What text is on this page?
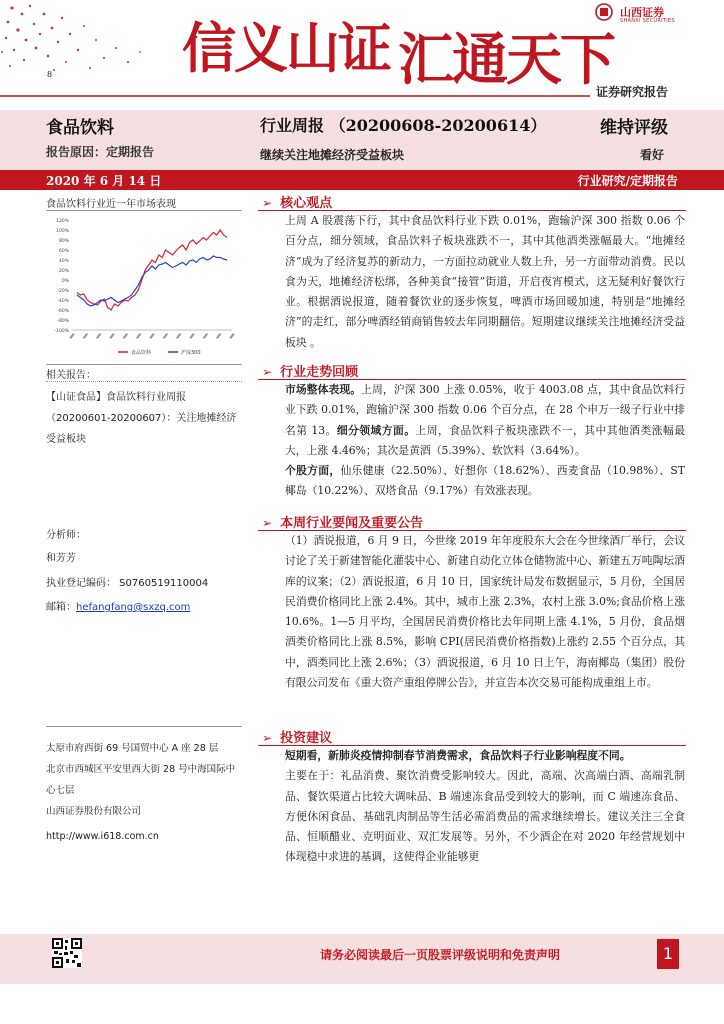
信义山证 汇通天下
8
山西证券
SHANXI SECURITIES
证券研究报告
食品饮料
报告原因：定期报告
行业周报 （20200608-20200614）
继续关注地摊经济受益板块
维持评级
看好
2020 年 6 月 14 日	行业研究/定期报告
食品饮料行业近一年市场表现
120%
100%
80%
60%
40%
20%
0%
-20%
-40%
-60%
-80%
-100%
食品饮料	沪深300
相关报告：
【山证食品】食品饮料行业周报（20200601-20200607）：关注地摊经济受益板块
分析师：
和芳芳
执业登记编码： S0760519110004
邮箱：hefangfang@sxzq.com
太原市府西街 69 号国贸中心 A 座 28 层
北京市西城区平安里西大街 28 号中海国际中心七层
山西证券股份有限公司
http://www.i618.com.cn
➢ 核心观点
上周 A 股震荡下行，其中食品饮料行业下跌 0.01%，跑输沪深 300 指数 0.06 个百分点，细分领域，食品饮料子板块涨跌不一，其中其他酒类涨幅最大。“地摊经济”成为了经济复苏的新动力，一方面拉动就业人数上升，另一方面带动消费。民以食为天，地摊经济松绑，各种美食“接管”街道，开启夜宵模式，这无疑利好餐饮行业。根据酒说报道，随着餐饮业的逐步恢复，啤酒市场回暖加速，特别是“地摊经济”的走红，部分啤酒经销商销售较去年同期翻倍。短期建议继续关注地摊经济受益板块 。
➢ 行业走势回顾
市场整体表现。上周，沪深 300 上涨 0.05%，收于 4003.08 点，其中食品饮料行业下跌 0.01%，跑输沪深 300 指数 0.06 个百分点，在 28 个申万一级子行业中排名第 13。细分领域方面。上周，食品饮料子板块涨跌不一，其中其他酒类涨幅最大，上涨 4.46%；其次是黄酒（5.39%）、软饮料（3.64%）。
个股方面，仙乐健康（22.50%）、好想你（18.62%）、西麦食品（10.98%）、ST 椰岛（10.22%）、双塔食品（9.17%）有效涨表现。
➢ 本周行业要闻及重要公告
（1）酒说报道，6 月 9 日，今世缘 2019 年年度股东大会在今世缘酒厂举行，会议讨论了关于新建智能化灌装中心、新建自动化立体仓储物流中心、新建五万吨陶坛酒库的议案；（2）酒说报道，6 月 10 日，国家统计局发布数据显示，5 月份，全国居民消费价格同比上涨 2.4%。其中，城市上涨 2.3%，农村上涨 3.0%;食品价格上涨 10.6%。1—5 月平均，全国居民消费价格比去年同期上涨 4.1%，5 月份，食品烟酒类价格同比上涨 8.5%，影响 CPI(居民消费价格指数)上涨约 2.55 个百分点，其中，酒类同比上涨 2.6%；（3）酒说报道，6 月 10 日上午，海南椰岛（集团）股份有限公司发布《重大资产重组停牌公告》，并宣告本次交易可能构成重组上市。
➢ 投资建议
短期看，新肺炎疫情抑制春节消费需求，食品饮料子行业影响程度不同。
主要在于：礼品消费、聚饮消费受影响较大。因此，高端、次高端白酒、高端乳制品、餐饮渠道占比较大调味品、B 端速冻食品受到较大的影响，而 C 端速冻食品、方便休闲食品、基础乳肉制品等生活必需消费品的需求继续增长。建议关注三全食品、恒顺醋业、克明面业、双汇发展等。另外，不少酒企在对 2020 年经营规划中体现稳中求进的基调，这使得企业能够更
请务必阅读最后一页股票评级说明和免责声明	1
